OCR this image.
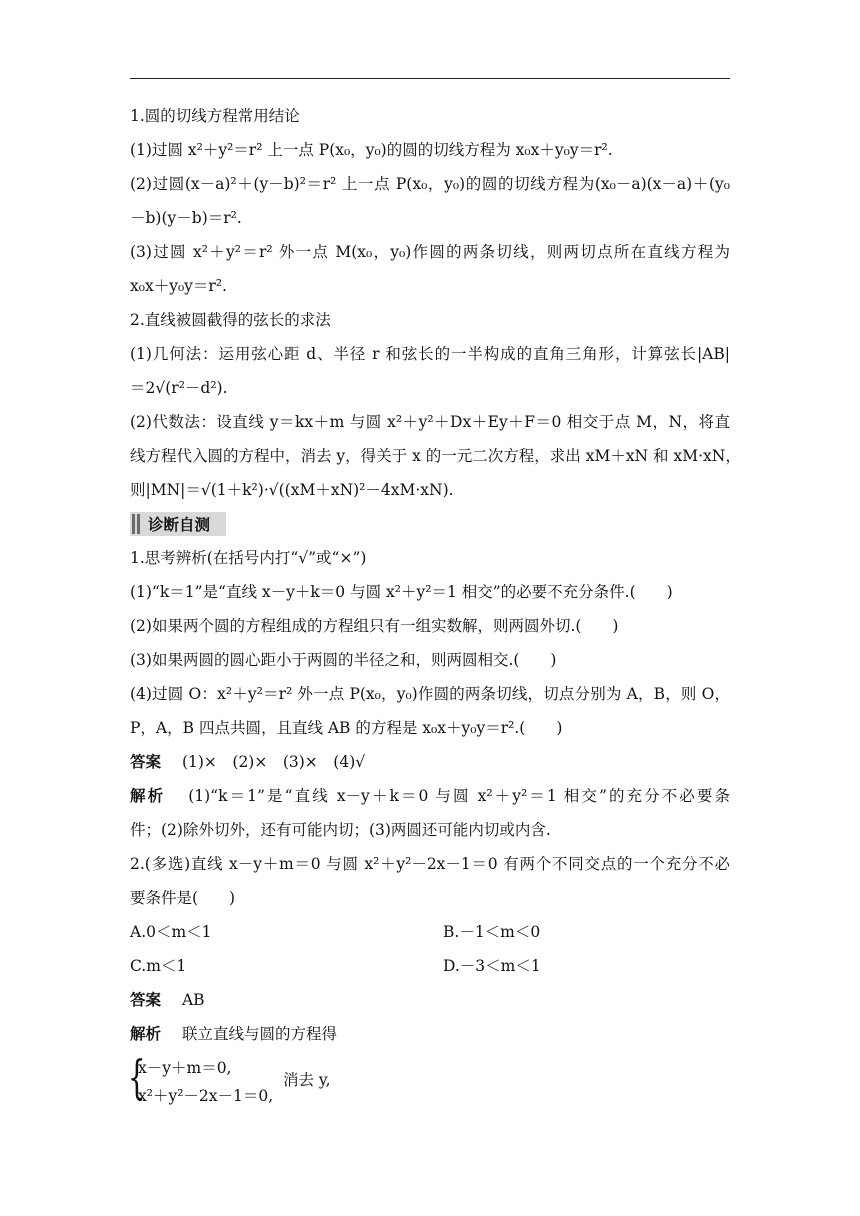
1.圆的切线方程常用结论
(1)过圆 x²＋y²＝r² 上一点 P(x₀，y₀)的圆的切线方程为 x₀x＋y₀y＝r².
(2)过圆(x－a)²＋(y－b)²＝r² 上一点 P(x₀，y₀)的圆的切线方程为(x₀－a)(x－a)＋(y₀
－b)(y－b)＝r².
(3)过圆 x²＋y²＝r² 外一点 M(x₀，y₀)作圆的两条切线，则两切点所在直线方程为
x₀x＋y₀y＝r².
2.直线被圆截得的弦长的求法
(1)几何法：运用弦心距 d、半径 r 和弦长的一半构成的直角三角形，计算弦长|AB|
＝2√(r²－d²).
(2)代数法：设直线 y＝kx＋m 与圆 x²＋y²＋Dx＋Ey＋F＝0 相交于点 M，N，将直
线方程代入圆的方程中，消去 y，得关于 x 的一元二次方程，求出 xM＋xN 和 xM·xN，
则|MN|＝√(1＋k²)·√((xM＋xN)²－4xM·xN).
诊断自测
1.思考辨析(在括号内打“√”或“×”)
(1)“k＝1”是“直线 x－y＋k＝0 与圆 x²＋y²＝1 相交”的必要不充分条件.(　　)
(2)如果两个圆的方程组成的方程组只有一组实数解，则两圆外切.(　　)
(3)如果两圆的圆心距小于两圆的半径之和，则两圆相交.(　　)
(4)过圆 O：x²＋y²＝r² 外一点 P(x₀，y₀)作圆的两条切线，切点分别为 A，B，则 O，
P，A，B 四点共圆，且直线 AB 的方程是 x₀x＋y₀y＝r².(　　)
答案 (1)×　(2)×　(3)×　(4)√
解析 (1)“k＝1”是“直线 x－y＋k＝0 与圆 x²＋y²＝1 相交”的充分不必要条
件；(2)除外切外，还有可能内切；(3)两圆还可能内切或内含.
2.(多选)直线 x－y＋m＝0 与圆 x²＋y²－2x－1＝0 有两个不同交点的一个充分不必
要条件是(　　)
A.0＜m＜1	B.－1＜m＜0
C.m＜1	D.－3＜m＜1
答案 AB
解析 联立直线与圆的方程得
{
x－y＋m＝0,
x²＋y²－2x－1＝0,
消去 y,
